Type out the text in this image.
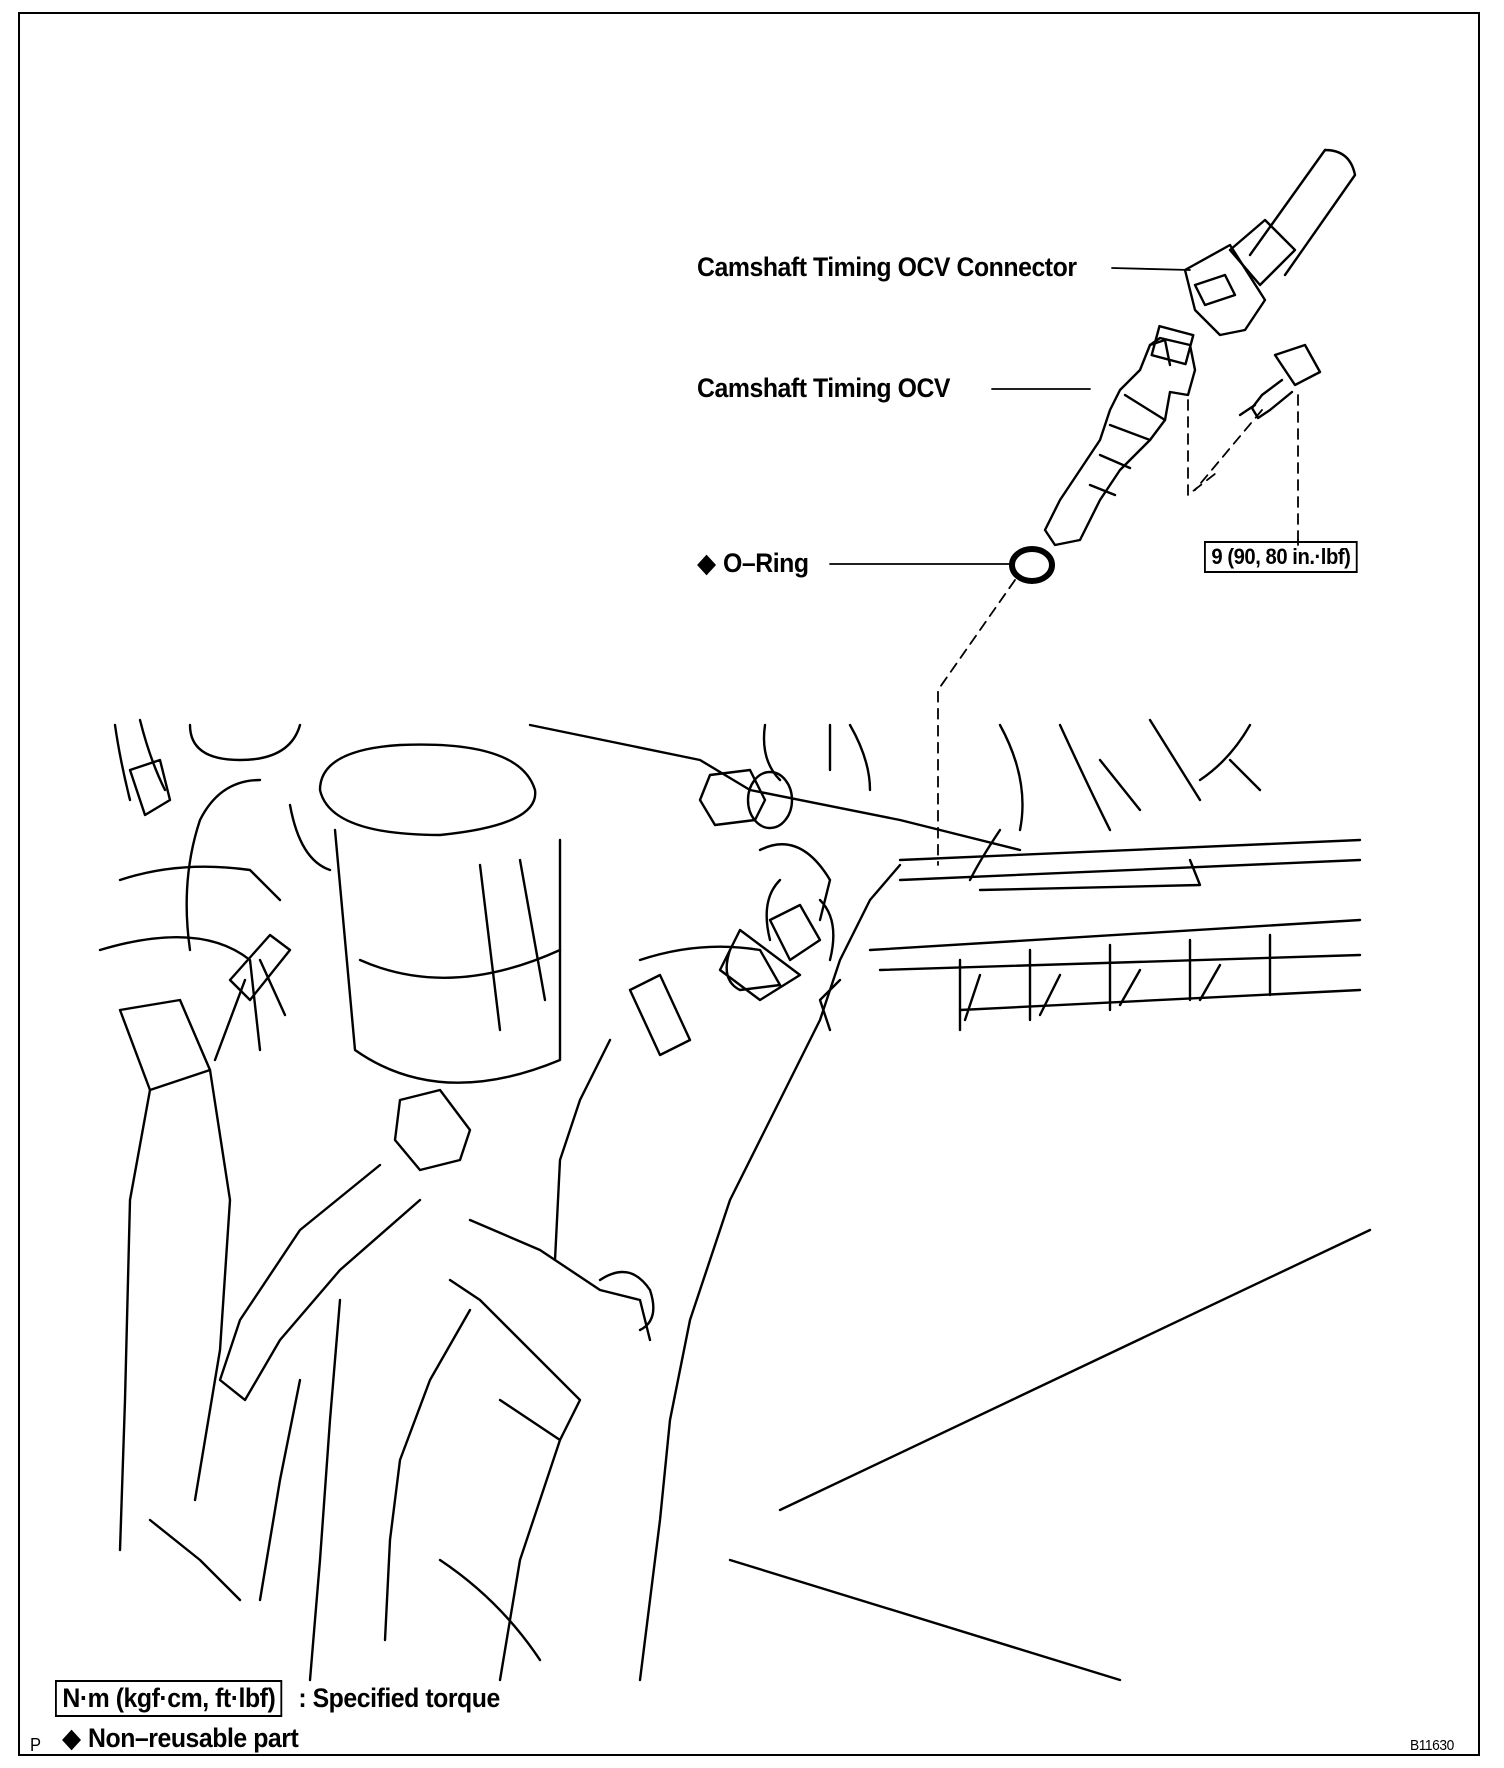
Camshaft Timing OCV Connector
Camshaft Timing OCV
◆ O–Ring	9 (90, 80 in.·lbf)
N·m (kgf·cm, ft·lbf) : Specified torque
◆ Non–reusable part
P	B11630
